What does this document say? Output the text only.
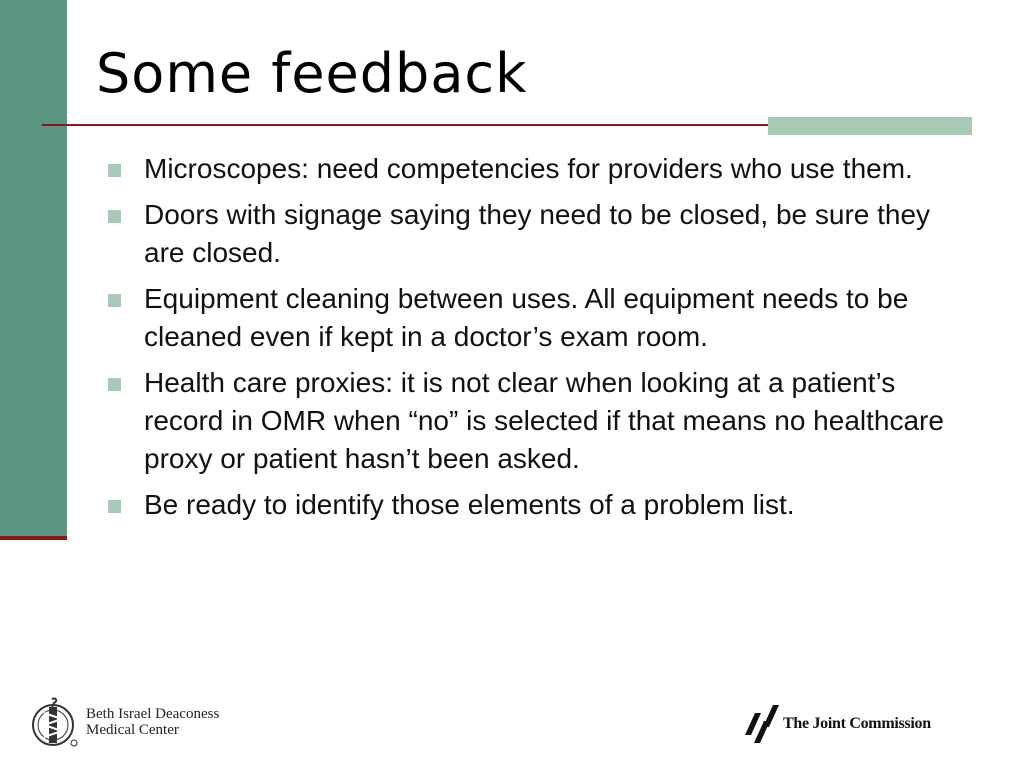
Some feedback
Microscopes: need competencies for providers who use them.
Doors with signage saying they need to be closed, be sure they are closed.
Equipment cleaning between uses. All equipment needs to be cleaned even if kept in a doctor’s exam room.
Health care proxies: it is not clear when looking at a patient’s record in OMR when “no” is selected if that means no healthcare proxy or patient hasn’t been asked.
Be ready to identify those elements of a problem list.
Beth Israel Deaconess
Medical Center	The Joint Commission
